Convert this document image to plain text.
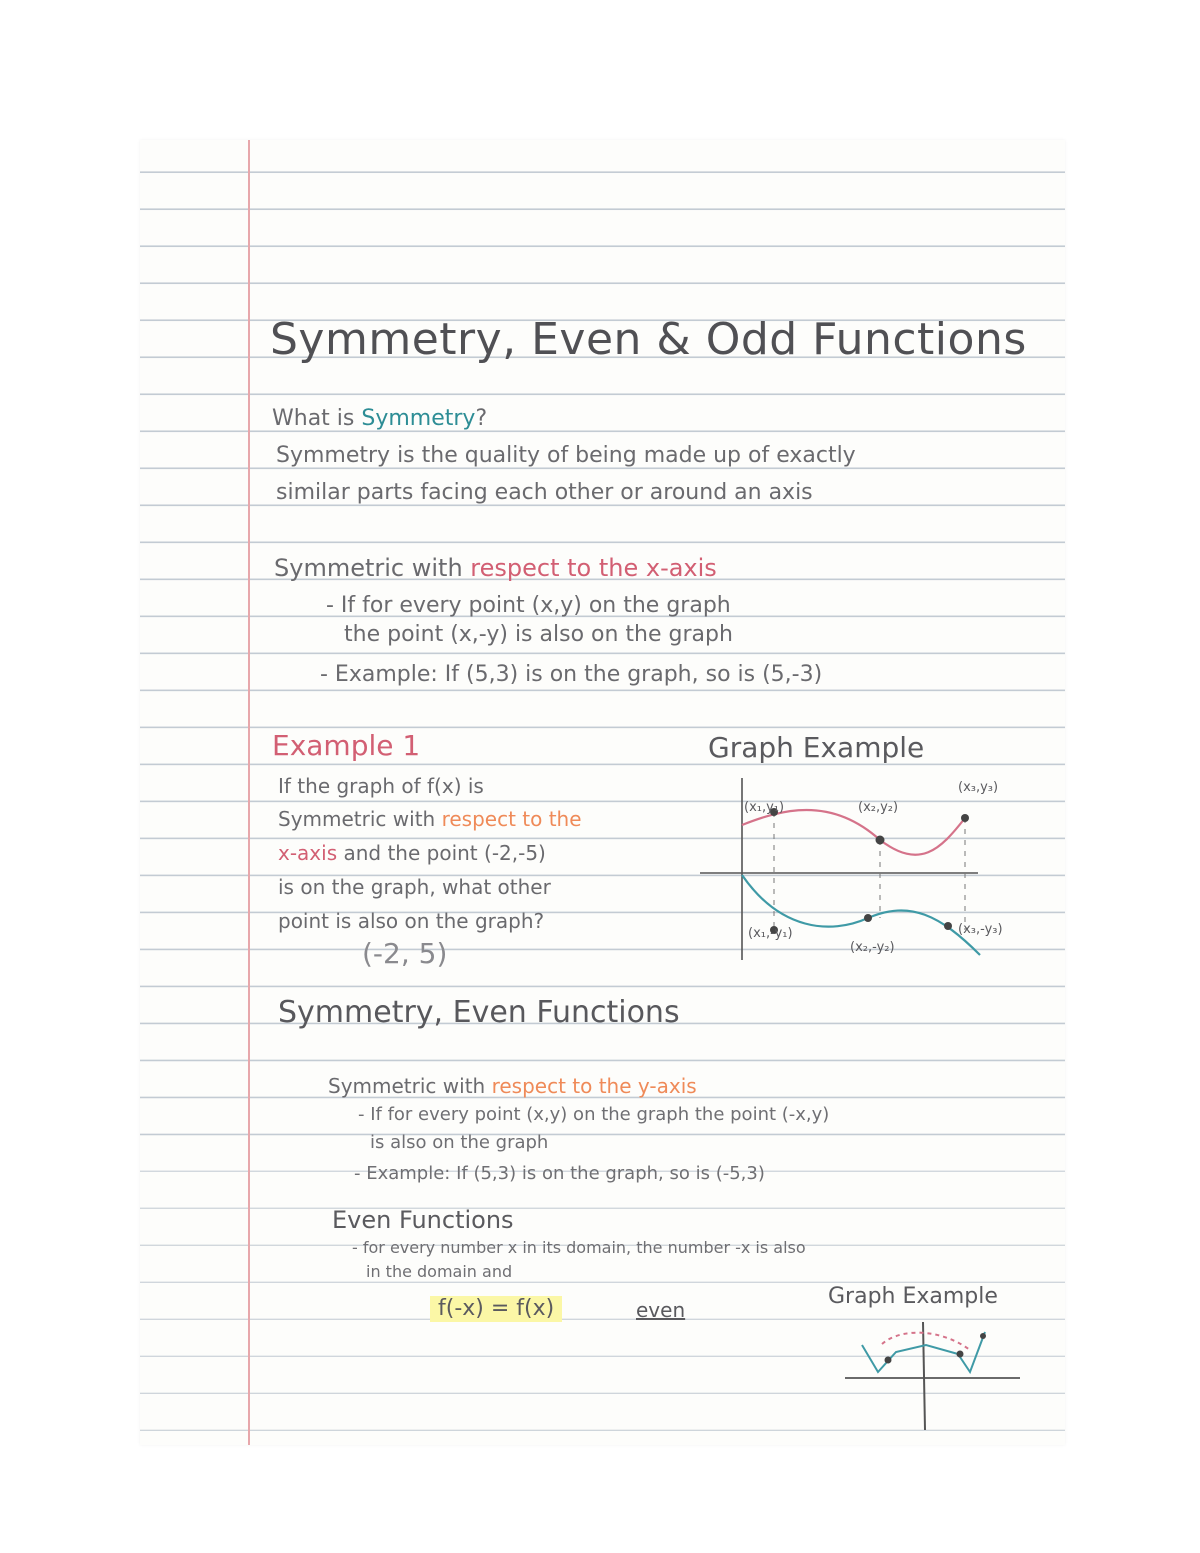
Symmetry, Even & Odd Functions
What is Symmetry?
Symmetry is the quality of being made up of exactly
similar parts facing each other or around an axis
Symmetric with respect to the x-axis
- If for every point (x,y) on the graph
the point (x,-y) is also on the graph
- Example: If (5,3) is on the graph, so is (5,-3)
Example 1
If the graph of f(x) is
Symmetric with respect to the
x-axis and the point (-2,-5)
is on the graph, what other
point is also on the graph?
(-2, 5)
Graph Example
(x₁,y₁)	(x₂,y₂)
(x₃,y₃)
(x₁,-y₁)
(x₂,-y₂)
(x₃,-y₃)
Symmetry, Even Functions
Symmetric with respect to the y-axis
- If for every point (x,y) on the graph the point (-x,y)
is also on the graph
- Example: If (5,3) is on the graph, so is (-5,3)
Even Functions
- for every number x in its domain, the number -x is also
in the domain and
f(-x) = f(x)	even
Graph Example
